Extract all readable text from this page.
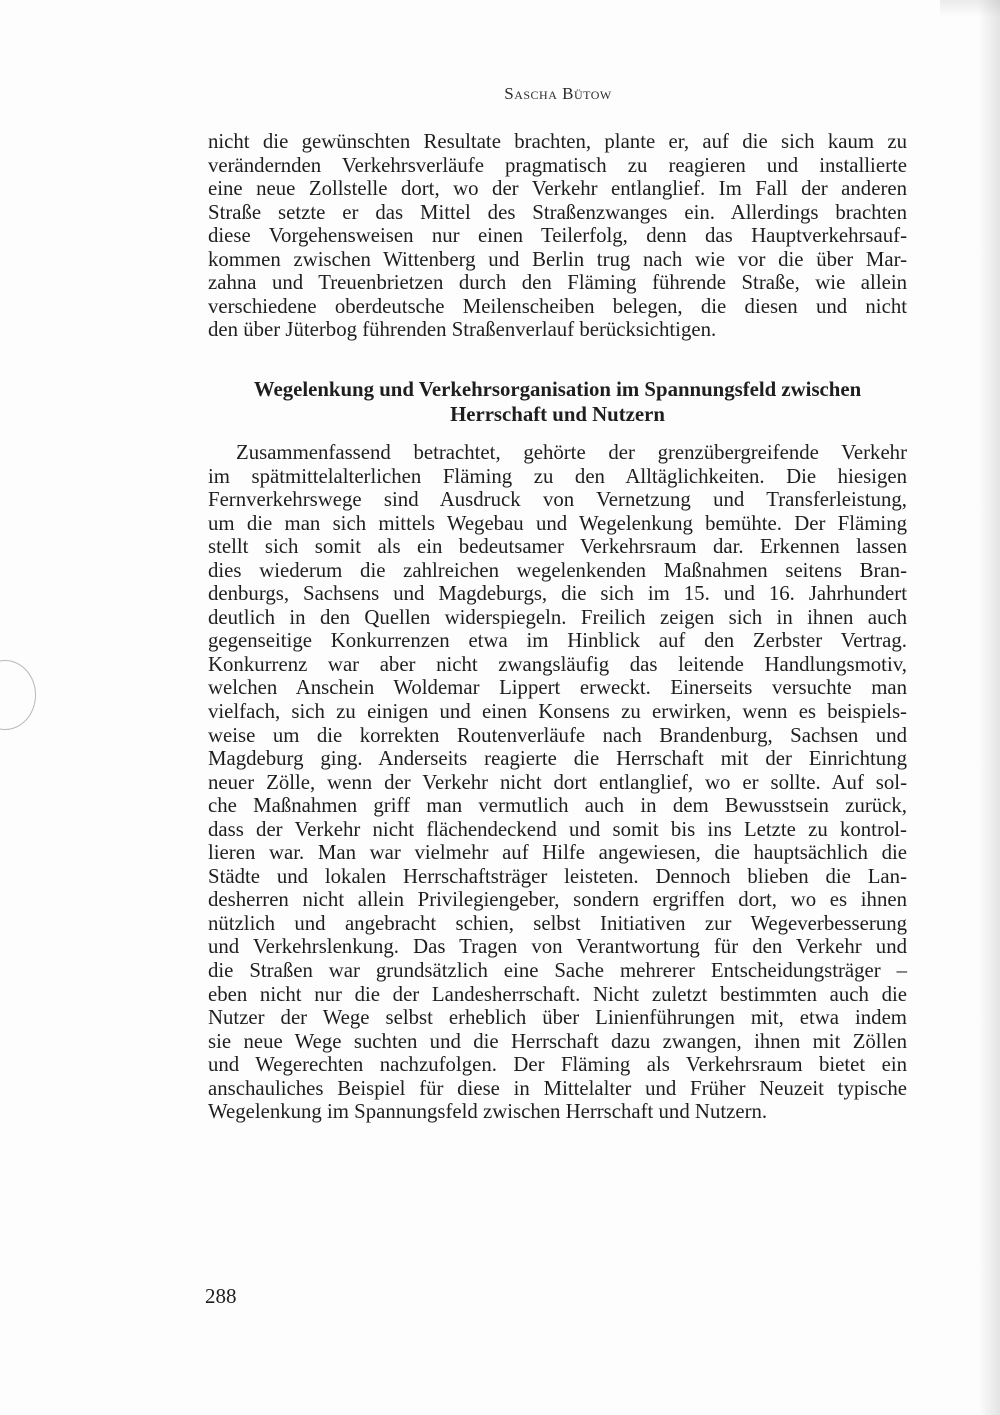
Sascha Bütow
nicht die gewünschten Resultate brachten, plante er, auf die sich kaum zu
verändernden Verkehrsverläufe pragmatisch zu reagieren und installierte
eine neue Zollstelle dort, wo der Verkehr entlanglief. Im Fall der anderen
Straße setzte er das Mittel des Straßenzwanges ein. Allerdings brachten
diese Vorgehensweisen nur einen Teilerfolg, denn das Hauptverkehrsauf-
kommen zwischen Wittenberg und Berlin trug nach wie vor die über Mar-
zahna und Treuenbrietzen durch den Fläming führende Straße, wie allein
verschiedene oberdeutsche Meilenscheiben belegen, die diesen und nicht
den über Jüterbog führenden Straßenverlauf berücksichtigen.
Wegelenkung und Verkehrsorganisation im Spannungsfeld zwischen
Herrschaft und Nutzern
Zusammenfassend betrachtet, gehörte der grenzübergreifende Verkehr
im spätmittelalterlichen Fläming zu den Alltäglichkeiten. Die hiesigen
Fernverkehrswege sind Ausdruck von Vernetzung und Transferleistung,
um die man sich mittels Wegebau und Wegelenkung bemühte. Der Fläming
stellt sich somit als ein bedeutsamer Verkehrsraum dar. Erkennen lassen
dies wiederum die zahlreichen wegelenkenden Maßnahmen seitens Bran-
denburgs, Sachsens und Magdeburgs, die sich im 15. und 16. Jahrhundert
deutlich in den Quellen widerspiegeln. Freilich zeigen sich in ihnen auch
gegenseitige Konkurrenzen etwa im Hinblick auf den Zerbster Vertrag.
Konkurrenz war aber nicht zwangsläufig das leitende Handlungsmotiv,
welchen Anschein Woldemar Lippert erweckt. Einerseits versuchte man
vielfach, sich zu einigen und einen Konsens zu erwirken, wenn es beispiels-
weise um die korrekten Routenverläufe nach Brandenburg, Sachsen und
Magdeburg ging. Anderseits reagierte die Herrschaft mit der Einrichtung
neuer Zölle, wenn der Verkehr nicht dort entlanglief, wo er sollte. Auf sol-
che Maßnahmen griff man vermutlich auch in dem Bewusstsein zurück,
dass der Verkehr nicht flächendeckend und somit bis ins Letzte zu kontrol-
lieren war. Man war vielmehr auf Hilfe angewiesen, die hauptsächlich die
Städte und lokalen Herrschaftsträger leisteten. Dennoch blieben die Lan-
desherren nicht allein Privilegiengeber, sondern ergriffen dort, wo es ihnen
nützlich und angebracht schien, selbst Initiativen zur Wegeverbesserung
und Verkehrslenkung. Das Tragen von Verantwortung für den Verkehr und
die Straßen war grundsätzlich eine Sache mehrerer Entscheidungsträger –
eben nicht nur die der Landesherrschaft. Nicht zuletzt bestimmten auch die
Nutzer der Wege selbst erheblich über Linienführungen mit, etwa indem
sie neue Wege suchten und die Herrschaft dazu zwangen, ihnen mit Zöllen
und Wegerechten nachzufolgen. Der Fläming als Verkehrsraum bietet ein
anschauliches Beispiel für diese in Mittelalter und Früher Neuzeit typische
Wegelenkung im Spannungsfeld zwischen Herrschaft und Nutzern.
288
